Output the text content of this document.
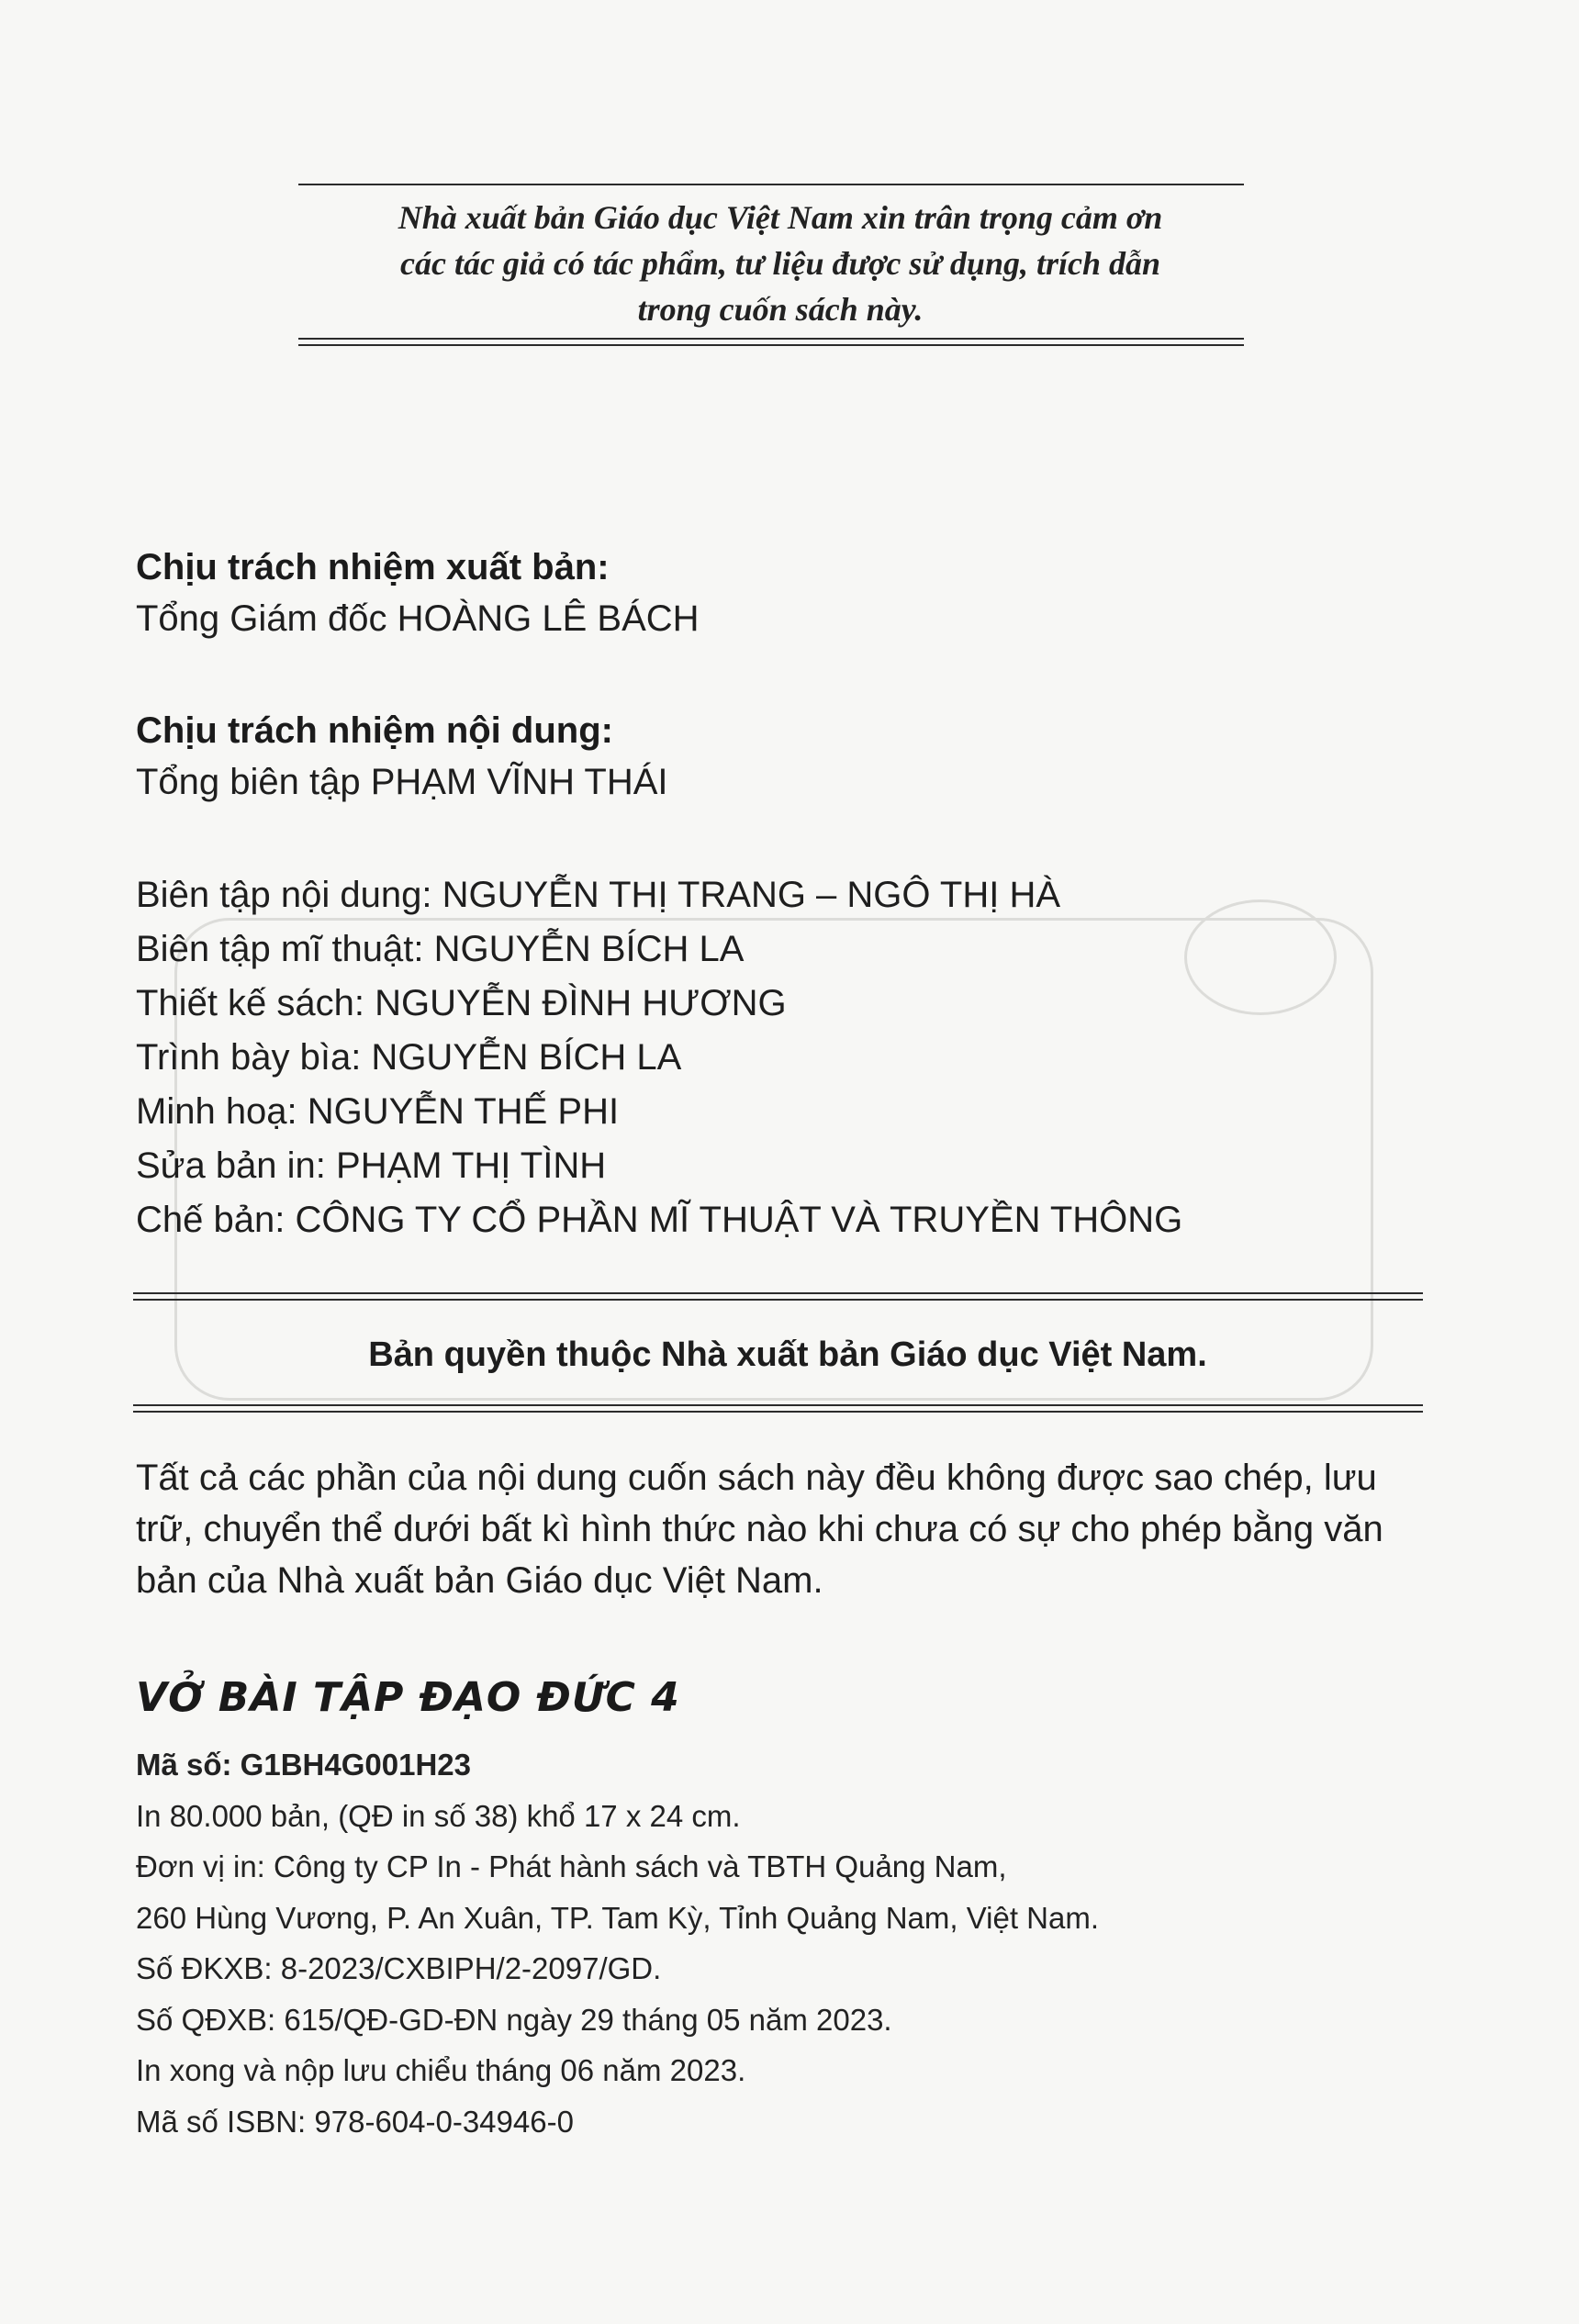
Nhà xuất bản Giáo dục Việt Nam xin trân trọng cảm ơn
các tác giả có tác phẩm, tư liệu được sử dụng, trích dẫn
trong cuốn sách này.
Chịu trách nhiệm xuất bản:
Tổng Giám đốc HOÀNG LÊ BÁCH
Chịu trách nhiệm nội dung:
Tổng biên tập PHẠM VĨNH THÁI
Biên tập nội dung: NGUYỄN THỊ TRANG – NGÔ THỊ HÀ
Biên tập mĩ thuật: NGUYỄN BÍCH LA
Thiết kế sách: NGUYỄN ĐÌNH HƯƠNG
Trình bày bìa: NGUYỄN BÍCH LA
Minh hoạ: NGUYỄN THẾ PHI
Sửa bản in: PHẠM THỊ TÌNH
Chế bản: CÔNG TY CỔ PHẦN MĨ THUẬT VÀ TRUYỀN THÔNG
Bản quyền thuộc Nhà xuất bản Giáo dục Việt Nam.
Tất cả các phần của nội dung cuốn sách này đều không được sao chép, lưu trữ, chuyển thể dưới bất kì hình thức nào khi chưa có sự cho phép bằng văn bản của Nhà xuất bản Giáo dục Việt Nam.
VỞ BÀI TẬP ĐẠO ĐỨC 4
Mã số: G1BH4G001H23
In 80.000 bản, (QĐ in số 38) khổ 17 x 24 cm.
Đơn vị in: Công ty CP In - Phát hành sách và TBTH Quảng Nam,
260 Hùng Vương, P. An Xuân, TP. Tam Kỳ, Tỉnh Quảng Nam, Việt Nam.
Số ĐKXB: 8-2023/CXBIPH/2-2097/GD.
Số QĐXB: 615/QĐ-GD-ĐN ngày 29 tháng 05 năm 2023.
In xong và nộp lưu chiểu tháng 06 năm 2023.
Mã số ISBN: 978-604-0-34946-0
